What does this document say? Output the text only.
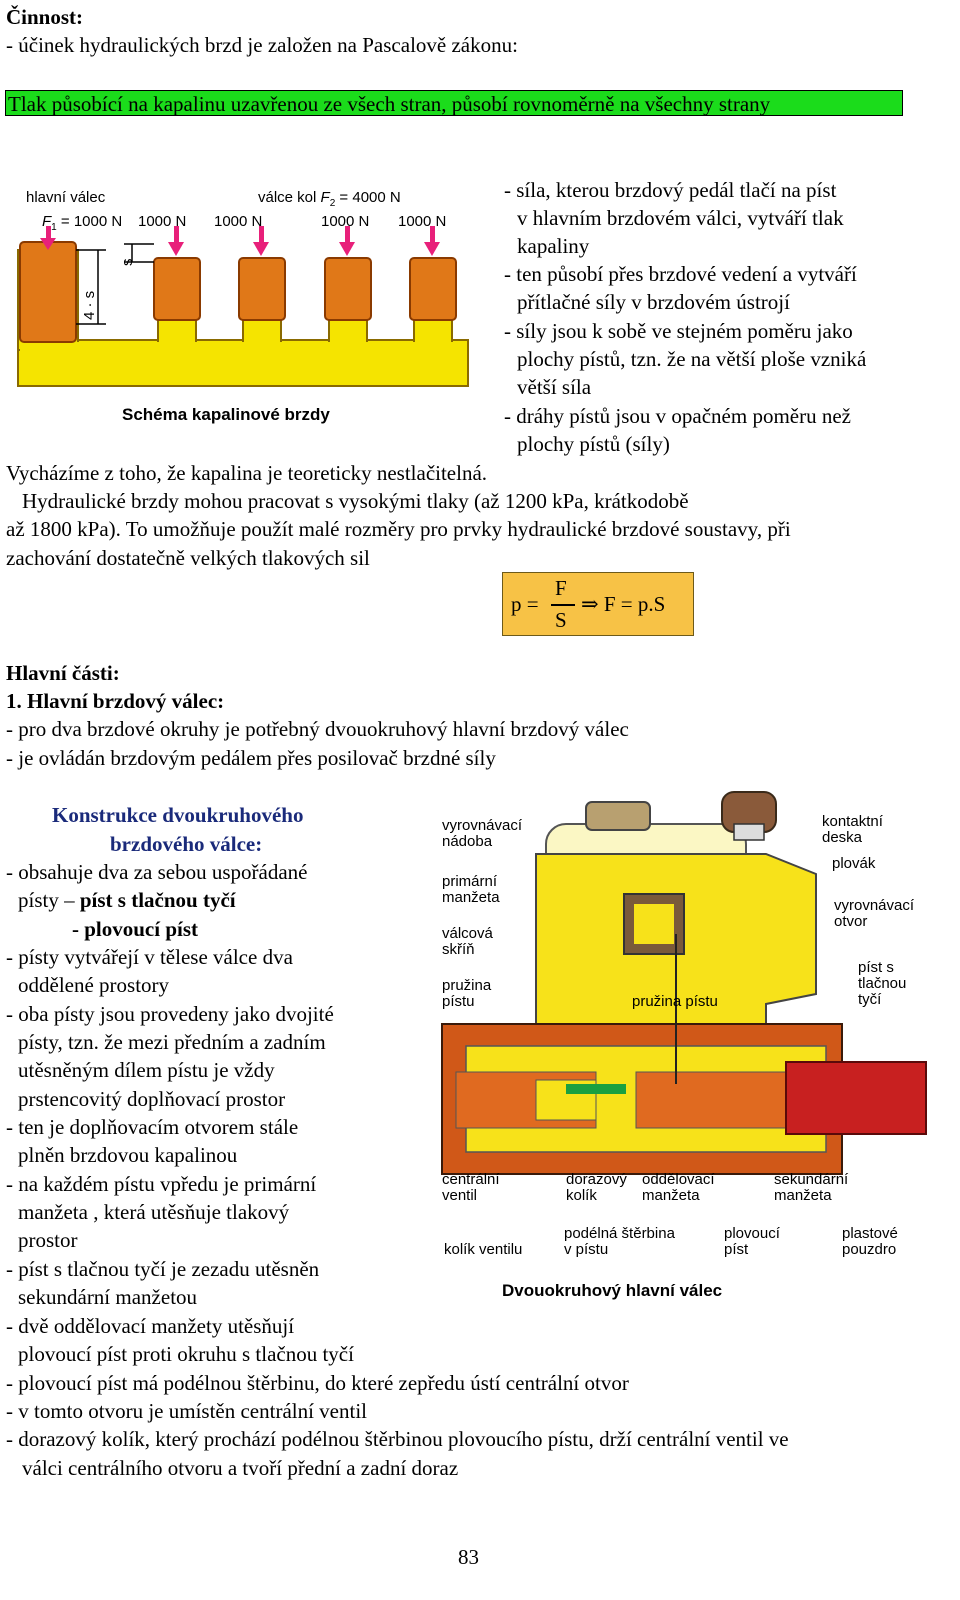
Činnost:
- účinek hydraulických brzd je založen na Pascalově zákonu:
Tlak působící na kapalinu uzavřenou ze všech stran, působí rovnoměrně na všechny strany
hlavní válec	válce kol $F_2 = 4000$ N
$F_1 = 1000$ N 1000 N 1000 N	1000 N 1000 N
s
4 · s
Schéma kapalinové brzdy
- síla, kterou brzdový pedál tlačí na píst
v hlavním brzdovém válci, vytváří tlak
kapaliny
- ten působí přes brzdové vedení a vytváří
přítlačné síly v brzdovém ústrojí
- síly jsou k sobě ve stejném poměru jako
plochy pístů, tzn. že na větší ploše vzniká
větší síla
- dráhy pístů jsou v opačném poměru než
plochy pístů (síly)
Vycházíme z toho, že kapalina je teoreticky nestlačitelná.
Hydraulické brzdy mohou pracovat s vysokými tlaky (až 1200 kPa, krátkodobě
až 1800 kPa). To umožňuje použít malé rozměry pro prvky hydraulické brzdové soustavy, při
zachování dostatečně velkých tlakových sil
p =
F
S
⇒ F = p.S
Hlavní části:
1. Hlavní brzdový válec:
- pro dva brzdové okruhy je potřebný dvouokruhový hlavní brzdový válec
- je ovládán brzdovým pedálem přes posilovač brzdné síly
Konstrukce dvoukruhového
brzdového válce:
- obsahuje dva za sebou uspořádané
písty – píst s tlačnou tyčí
- plovoucí píst
- písty vytvářejí v tělese válce dva
oddělené prostory
- oba písty jsou provedeny jako dvojité
písty, tzn. že mezi předním a zadním
utěsněným dílem pístu je vždy
prstencovitý doplňovací prostor
- ten je doplňovacím otvorem stále
plněn brzdovou kapalinou
- na každém pístu vpředu je primární
manžeta , která utěsňuje tlakový
prostor
- píst s tlačnou tyčí je zezadu utěsněn
sekundární manžetou
- dvě oddělovací manžety utěsňují
plovoucí píst proti okruhu s tlačnou tyčí
vyrovnávací
nádoba
kontaktní
deska
plovák
primární
manžeta	vyrovnávací
otvor
válcová
skříň
píst s
tlačnou
tyčí
pružina
pístu	pružina pístu
centrální
ventil
dorazový
kolík
oddělovací
manžeta
sekundární
manžeta
podélná štěrbina
v pístu
plovoucí
píst
plastové
pouzdro
kolík ventilu
Dvouokruhový hlavní válec
- plovoucí píst má podélnou štěrbinu, do které zepředu ústí centrální otvor
- v tomto otvoru je umístěn centrální ventil
- dorazový kolík, který prochází podélnou štěrbinou plovoucího pístu, drží centrální ventil ve
válci centrálního otvoru a tvoří přední a zadní doraz
83
